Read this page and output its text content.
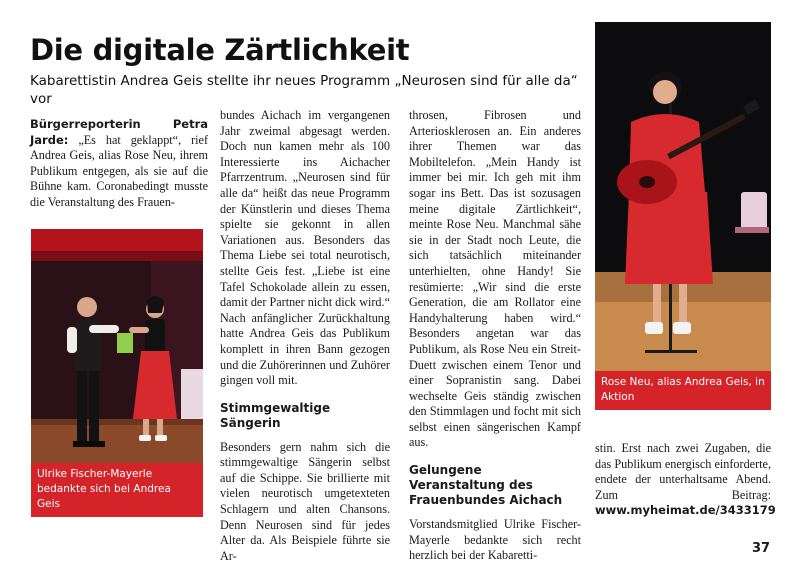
Die digitale Zärtlichkeit
Kabarettistin Andrea Geis stellte ihr neues Programm „Neurosen sind für alle da“ vor

Bürgerreporterin Petra Jarde: „Es hat geklappt“, rief Andrea Geis, alias Rose Neu, ihrem Publikum entgegen, als sie auf die Bühne kam. Coronabedingt musste die Veranstaltung des Frauen-

Ulrike Fischer-Mayerle bedankte sich bei Andrea Geis

bundes Aichach im vergangenen Jahr zweimal abgesagt werden. Doch nun kamen mehr als 100 Interessierte ins Aichacher Pfarrzentrum. „Neurosen sind für alle da“ heißt das neue Programm der Künstlerin und dieses Thema spielte sie gekonnt in allen Variationen aus. Besonders das Thema Liebe sei total neurotisch, stellte Geis fest. „Liebe ist eine Tafel Schokolade allein zu essen, damit der Partner nicht dick wird.“ Nach anfänglicher Zurückhaltung hatte Andrea Geis das Publikum komplett in ihren Bann gezogen und die Zuhörerinnen und Zuhörer gingen voll mit.

Stimmgewaltige Sängerin

Besonders gern nahm sich die stimmgewaltige Sängerin selbst auf die Schippe. Sie brillierte mit vielen neurotisch umgetexteten Schlagern und alten Chansons. Denn Neurosen sind für jedes Alter da. Als Beispiele führte sie Ar-

throsen, Fibrosen und Arteriosklerosen an. Ein anderes ihrer Themen war das Mobiltelefon. „Mein Handy ist immer bei mir. Ich geh mit ihm sogar ins Bett. Das ist sozusagen meine digitale Zärtlichkeit“, meinte Rose Neu. Manchmal sähe sie in der Stadt noch Leute, die sich tatsächlich miteinander unterhielten, ohne Handy! Sie resümierte: „Wir sind die erste Generation, die am Rollator eine Handyhalterung haben wird.“ Besonders angetan war das Publikum, als Rose Neu ein Streit-Duett zwischen einem Tenor und einer Sopranistin sang. Dabei wechselte Geis ständig zwischen den Stimmlagen und focht mit sich selbst einen sängerischen Kampf aus.

Gelungene Veranstaltung des Frauenbundes Aichach

Vorstandsmitglied Ulrike Fischer-Mayerle bedankte sich recht herzlich bei der Kabaretti-

Rose Neu, alias Andrea Geis, in Aktion

stin. Erst nach zwei Zugaben, die das Publikum energisch einforderte, endete der unterhaltsame Abend. Zum Beitrag: www.myheimat.de/3433179

37
